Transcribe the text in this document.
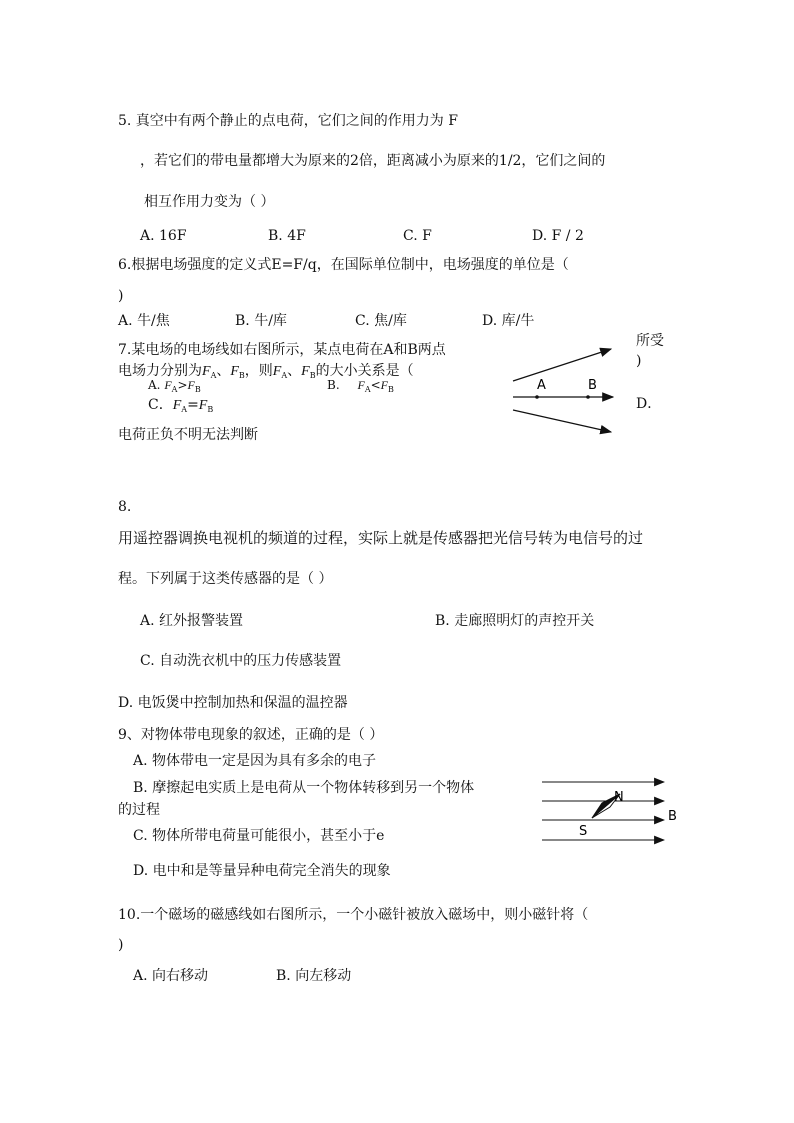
5. 真空中有两个静止的点电荷，它们之间的作用力为 F
，若它们的带电量都增大为原来的2倍，距离减小为原来的1/2，它们之间的
相互作用力变为（ ）
A. 16F	B. 4F	C. F	D. F / 2
6.根据电场强度的定义式E=F/q，在国际单位制中，电场强度的单位是（
)
A. 牛/焦	B. 牛/库	C. 焦/库	D. 库/牛
7.某电场的电场线如右图所示，某点电荷在A和B两点
所受
)
电场力分别为$F_A$、$F_B$，则$F_A$、$F_B$的大小关系是（
A. $F_A>F_B$	B. $F_A<F_B$
C．$F_A=F_B$	D．
电荷正负不明无法判断
A	B
8.
用遥控器调换电视机的频道的过程，实际上就是传感器把光信号转为电信号的过
程。下列属于这类传感器的是（ ）
A. 红外报警装置	B. 走廊照明灯的声控开关
C. 自动洗衣机中的压力传感装置
D. 电饭煲中控制加热和保温的温控器
9、对物体带电现象的叙述，正确的是（ ）
A. 物体带电一定是因为具有多余的电子
B. 摩擦起电实质上是电荷从一个物体转移到另一个物体
的过程
C. 物体所带电荷量可能很小，甚至小于e
D. 电中和是等量异种电荷完全消失的现象
N
S
B
10.一个磁场的磁感线如右图所示，一个小磁针被放入磁场中，则小磁针将（
)
A. 向右移动	B. 向左移动
